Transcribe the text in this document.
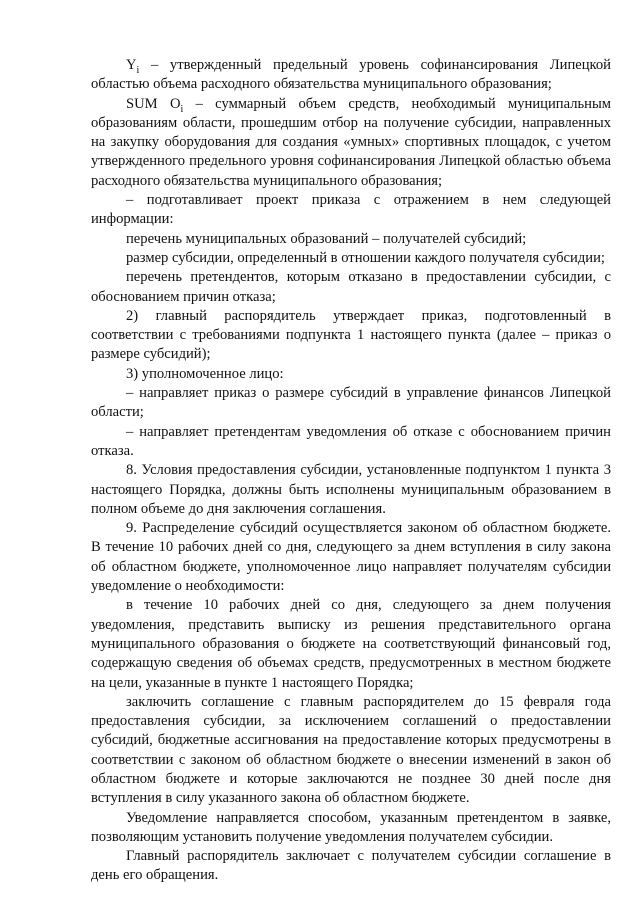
$Y_i$ – утвержденный предельный уровень софинансирования Липецкой областью объема расходного обязательства муниципального образования;

SUM $O_i$ – суммарный объем средств, необходимый муниципальным образованиям области, прошедшим отбор на получение субсидии, направленных на закупку оборудования для создания «умных» спортивных площадок, с учетом утвержденного предельного уровня софинансирования Липецкой областью объема расходного обязательства муниципального образования;

– подготавливает проект приказа с отражением в нем следующей информации:

перечень муниципальных образований – получателей субсидий;

размер субсидии, определенный в отношении каждого получателя субсидии;

перечень претендентов, которым отказано в предоставлении субсидии, с обоснованием причин отказа;

2) главный распорядитель утверждает приказ, подготовленный в соответствии с требованиями подпункта 1 настоящего пункта (далее – приказ о размере субсидий);

3) уполномоченное лицо:

– направляет приказ о размере субсидий в управление финансов Липецкой области;

– направляет претендентам уведомления об отказе с обоснованием причин отказа.

8. Условия предоставления субсидии, установленные подпунктом 1 пункта 3 настоящего Порядка, должны быть исполнены муниципальным образованием в полном объеме до дня заключения соглашения.

9. Распределение субсидий осуществляется законом об областном бюджете. В течение 10 рабочих дней со дня, следующего за днем вступления в силу закона об областном бюджете, уполномоченное лицо направляет получателям субсидии уведомление о необходимости:

в течение 10 рабочих дней со дня, следующего за днем получения уведомления, представить выписку из решения представительного органа муниципального образования о бюджете на соответствующий финансовый год, содержащую сведения об объемах средств, предусмотренных в местном бюджете на цели, указанные в пункте 1 настоящего Порядка;

заключить соглашение с главным распорядителем до 15 февраля года предоставления субсидии, за исключением соглашений о предоставлении субсидий, бюджетные ассигнования на предоставление которых предусмотрены в соответствии с законом об областном бюджете о внесении изменений в закон об областном бюджете и которые заключаются не позднее 30 дней после дня вступления в силу указанного закона об областном бюджете.

Уведомление направляется способом, указанным претендентом в заявке, позволяющим установить получение уведомления получателем субсидии.

Главный распорядитель заключает с получателем субсидии соглашение в день его обращения.
